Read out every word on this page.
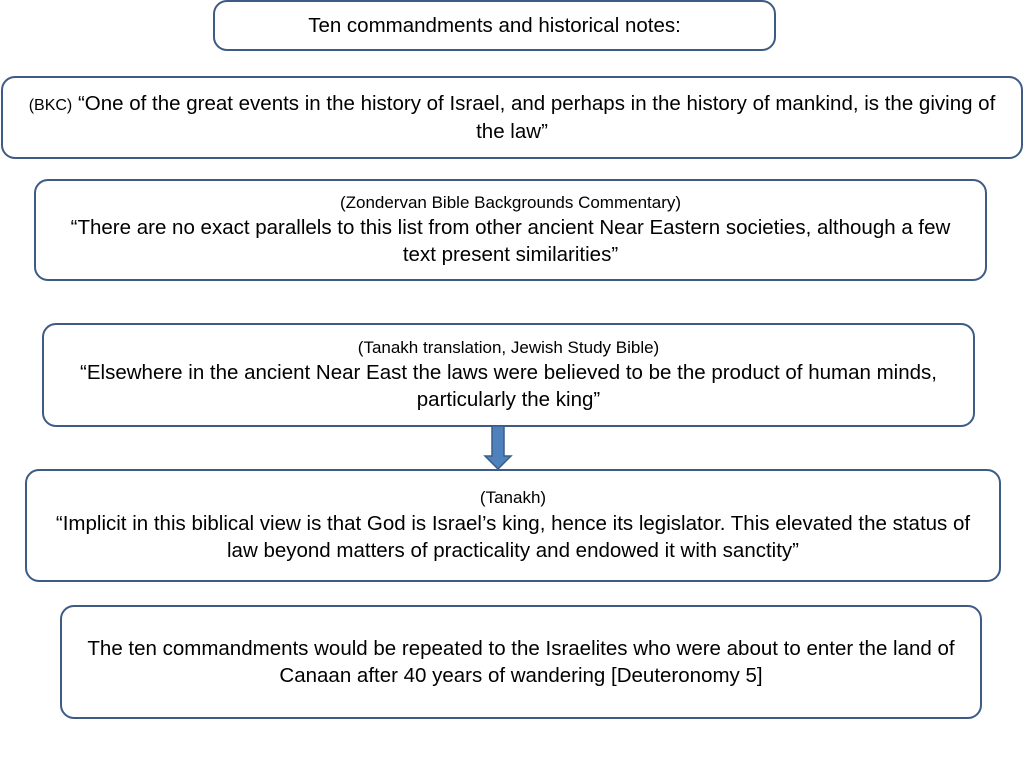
Ten commandments and historical notes:
(BKC) “One of the great events in the history of Israel, and perhaps in the history of mankind, is the giving of the law”
(Zondervan Bible Backgrounds Commentary)
“There are no exact parallels to this list from other ancient Near Eastern societies, although a few text present similarities”
(Tanakh translation, Jewish Study Bible)
“Elsewhere in the ancient Near East the laws were believed to be the product of human minds, particularly the king”
(Tanakh)
“Implicit in this biblical view is that God is Israel’s king, hence its legislator. This elevated the status of law beyond matters of practicality and endowed it with sanctity”
The ten commandments would be repeated to the Israelites who were about to enter the land of Canaan after 40 years of wandering [Deuteronomy 5]
